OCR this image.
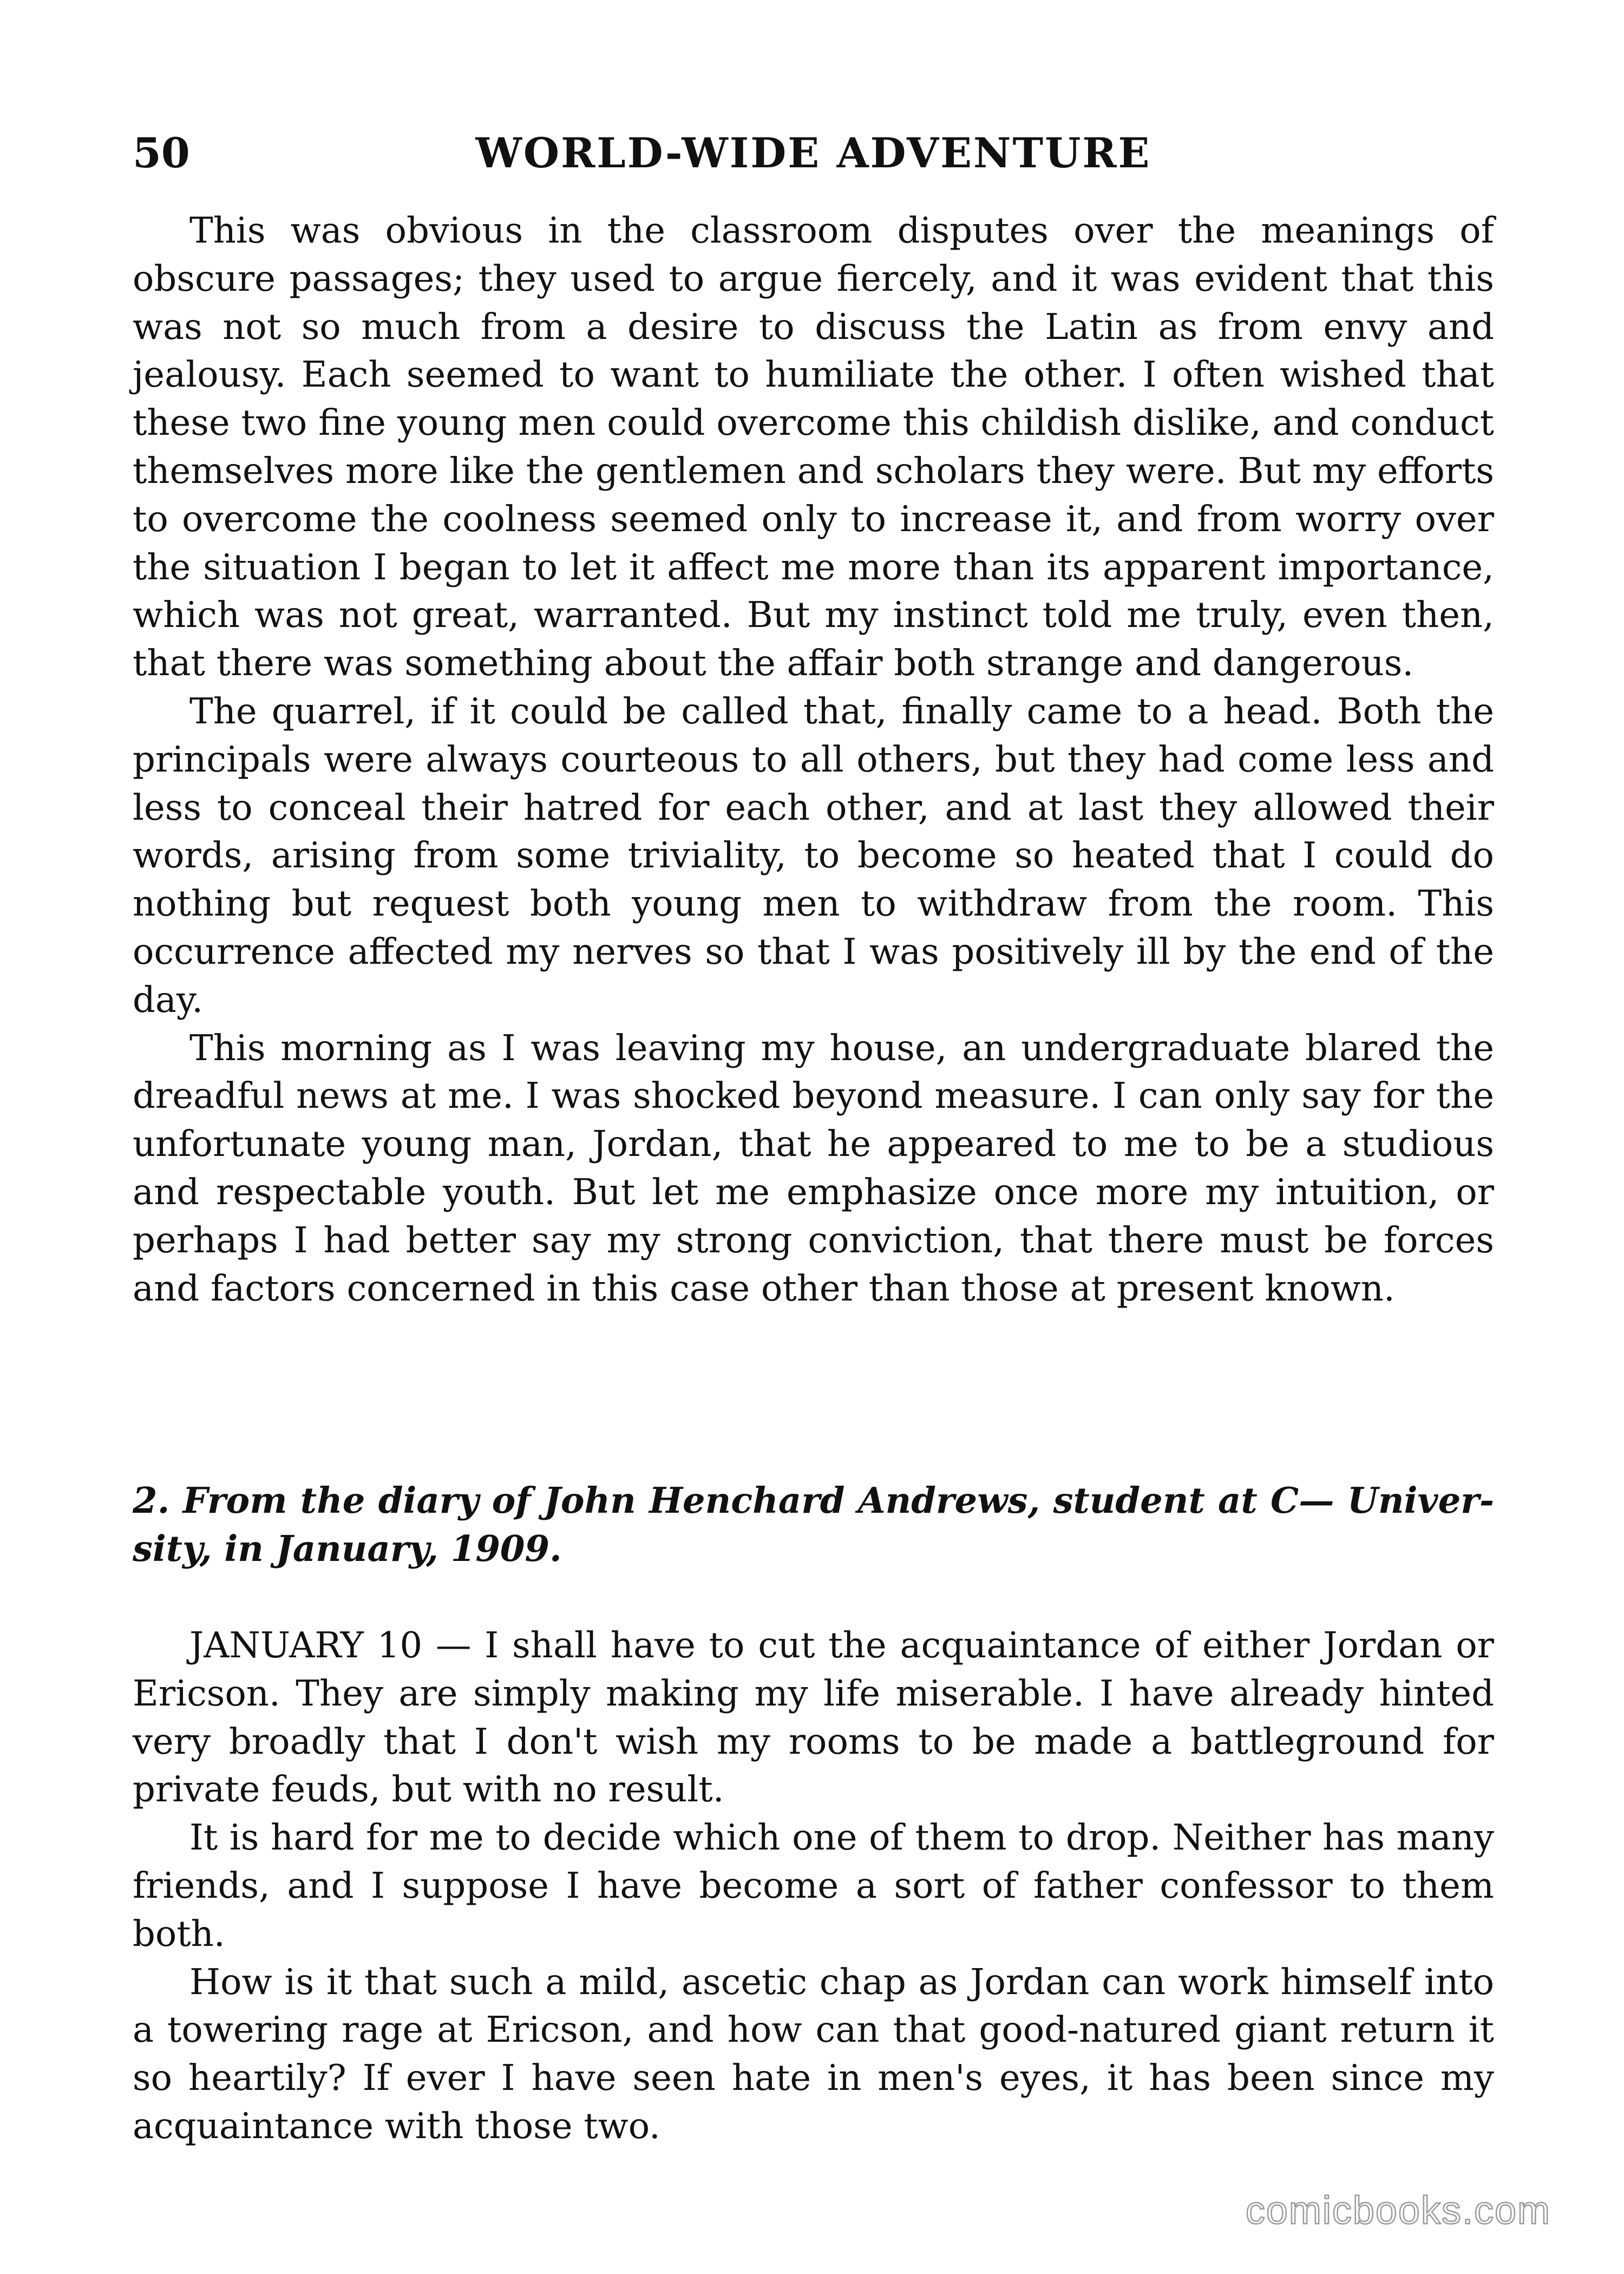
50	WORLD-WIDE ADVENTURE

This was obvious in the classroom disputes over the meanings of obscure passages; they used to argue fiercely, and it was evident that this was not so much from a desire to discuss the Latin as from envy and jealousy. Each seemed to want to humiliate the other. I often wished that these two fine young men could overcome this childish dislike, and conduct themselves more like the gentlemen and scholars they were. But my efforts to overcome the coolness seemed only to increase it, and from worry over the situation I began to let it affect me more than its apparent importance, which was not great, warranted. But my instinct told me truly, even then, that there was something about the affair both strange and dangerous.

The quarrel, if it could be called that, finally came to a head. Both the principals were always courteous to all others, but they had come less and less to conceal their hatred for each other, and at last they allowed their words, arising from some triviality, to become so heated that I could do nothing but request both young men to withdraw from the room. This occurrence affected my nerves so that I was positively ill by the end of the day.

This morning as I was leaving my house, an undergraduate blared the dreadful news at me. I was shocked beyond measure. I can only say for the unfortunate young man, Jordan, that he appeared to me to be a studious and respectable youth. But let me emphasize once more my intuition, or perhaps I had better say my strong conviction, that there must be forces and factors concerned in this case other than those at present known.

2. From the diary of John Henchard Andrews, student at C— University, in January, 1909.

JANUARY 10 — I shall have to cut the acquaintance of either Jordan or Ericson. They are simply making my life miserable. I have already hinted very broadly that I don't wish my rooms to be made a battleground for private feuds, but with no result.

It is hard for me to decide which one of them to drop. Neither has many friends, and I suppose I have become a sort of father confessor to them both.

How is it that such a mild, ascetic chap as Jordan can work himself into a towering rage at Ericson, and how can that good-natured giant return it so heartily? If ever I have seen hate in men's eyes, it has been since my acquaintance with those two.

comicbooks.com
